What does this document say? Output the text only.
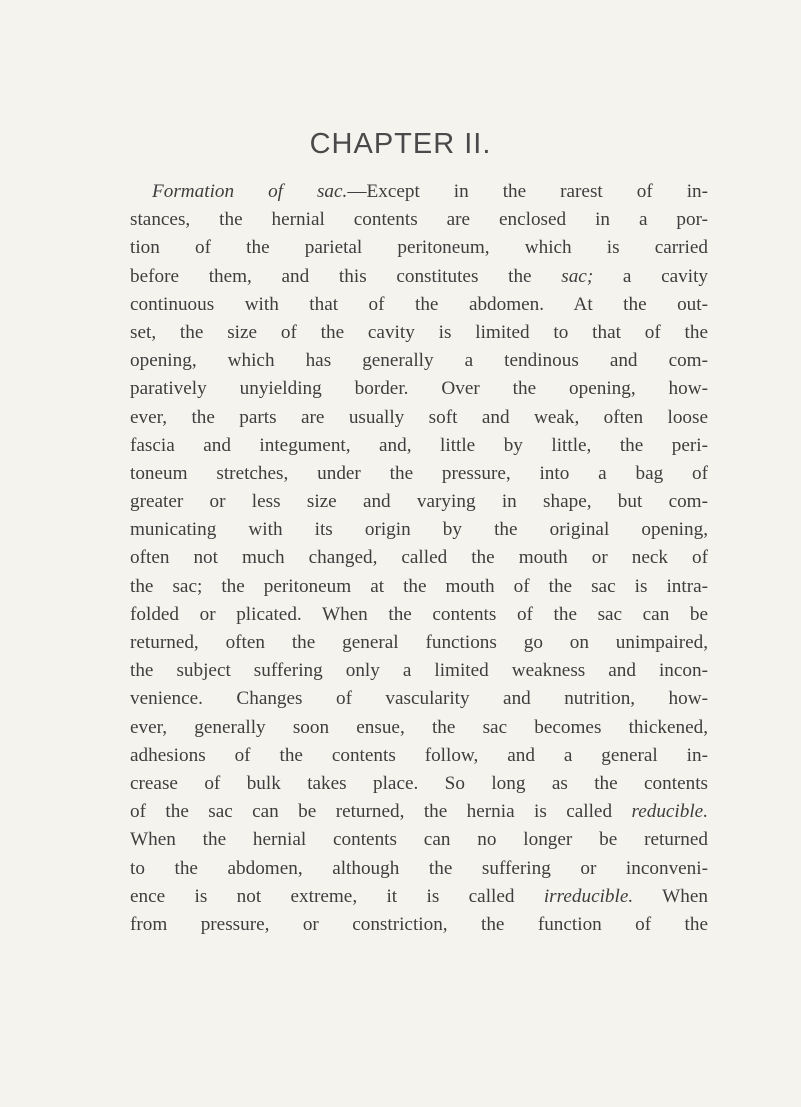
CHAPTER II.
Formation of sac.—Except in the rarest of in-
stances, the hernial contents are enclosed in a por-
tion of the parietal peritoneum, which is carried
before them, and this constitutes the sac; a cavity
continuous with that of the abdomen. At the out-
set, the size of the cavity is limited to that of the
opening, which has generally a tendinous and com-
paratively unyielding border. Over the opening, how-
ever, the parts are usually soft and weak, often loose
fascia and integument, and, little by little, the peri-
toneum stretches, under the pressure, into a bag of
greater or less size and varying in shape, but com-
municating with its origin by the original opening,
often not much changed, called the mouth or neck of
the sac; the peritoneum at the mouth of the sac is intra-
folded or plicated. When the contents of the sac can be
returned, often the general functions go on unimpaired,
the subject suffering only a limited weakness and incon-
venience. Changes of vascularity and nutrition, how-
ever, generally soon ensue, the sac becomes thickened,
adhesions of the contents follow, and a general in-
crease of bulk takes place. So long as the contents
of the sac can be returned, the hernia is called reducible.
When the hernial contents can no longer be returned
to the abdomen, although the suffering or inconveni-
ence is not extreme, it is called irreducible. When
from pressure, or constriction, the function of the
